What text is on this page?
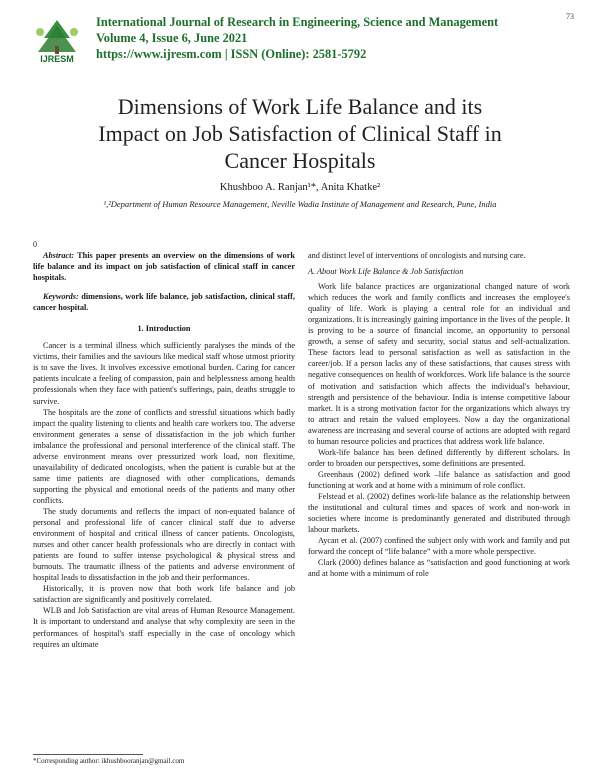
IJRESM
International Journal of Research in Engineering, Science and Management
Volume 4, Issue 6, June 2021
https://www.ijresm.com | ISSN (Online): 2581-5792
73
Dimensions of Work Life Balance and its
Impact on Job Satisfaction of Clinical Staff in
Cancer Hospitals
Khushboo A. Ranjan¹*, Anita Khatke²
¹,²Department of Human Resource Management, Neville Wadia Institute of Management and Research, Pune, India
0

Abstract: This paper presents an overview on the dimensions of work life balance and its impact on job satisfaction of clinical staff in cancer hospitals.

Keywords: dimensions, work life balance, job satisfaction, clinical staff, cancer hospital.

1. Introduction

Cancer is a terminal illness which sufficiently paralyses the minds of the victims, their families and the saviours like medical staff whose utmost priority is to save the lives. It involves excessive emotional burden. Caring for cancer patients inculcate a feeling of compassion, pain and helplessness among health professionals when they face with patient's sufferings, pain, deaths struggle to survive.

The hospitals are the zone of conflicts and stressful situations which badly impact the quality listening to clients and health care workers too. The adverse environment generates a sense of dissatisfaction in the job which further imbalance the professional and personal interference of the clinical staff. The adverse environment means over pressurized work load, non flexitime, unavailability of dedicated oncologists, when the patient is curable but at the same time patients are diagnosed with other complications, demands supporting the physical and emotional needs of the patients and many other conflicts.

The study documents and reflects the impact of non-equated balance of personal and professional life of cancer clinical staff due to adverse environment of hospital and critical illness of cancer patients. Oncologists, nurses and other cancer health professionals who are directly in contact with patients are found to suffer intense psychological & physical stress and burnouts. The traumatic illness of the patients and adverse environment of hospital leads to dissatisfaction in the job and their performances.

Historically, it is proven now that both work life balance and job satisfaction are significantly and positively correlated.

WLB and Job Satisfaction are vital areas of Human Resource Management. It is important to understand and analyse that why complexity are seen in the performances of hospital's staff especially in the case of oncology which requires an ultimate

and distinct level of interventions of oncologists and nursing care.

A. About Work Life Balance & Job Satisfaction

Work life balance practices are organizational changed nature of work which reduces the work and family conflicts and increases the employee's quality of life. Work is playing a central role for an individual and organizations. It is increasingly gaining importance in the lives of the people. It is proving to be a source of financial income, an opportunity to personal growth, a sense of safety and security, social status and self-actualization. These factors lead to personal satisfaction as well as satisfaction in the career/job. If a person lacks any of these satisfactions, that causes stress with negative consequences on health of workforces. Work life balance is the source of motivation and satisfaction which affects the individual's behaviour, strength and persistence of the behaviour. India is intense competitive labour market. It is a strong motivation factor for the organizations which always try to attract and retain the valued employees. Now a day the organizational awareness are increasing and several course of actions are adopted with regard to human resource policies and practices that address work life balance.

Work-life balance has been defined differently by different scholars. In order to broaden our perspectives, some definitions are presented.

Greenhaus (2002) defined work –life balance as satisfaction and good functioning at work and at home with a minimum of role conflict.

Felstead et al. (2002) defines work-life balance as the relationship between the institutional and cultural times and spaces of work and non-work in societies where income is predominantly generated and distributed through labour markets.

Aycan et al. (2007) confined the subject only with work and family and put forward the concept of “life balance” with a more whole perspective.

Clark (2000) defines balance as “satisfaction and good functioning at work and at home with a minimum of role

*Corresponding author: ikhushbooranjan@gmail.com
